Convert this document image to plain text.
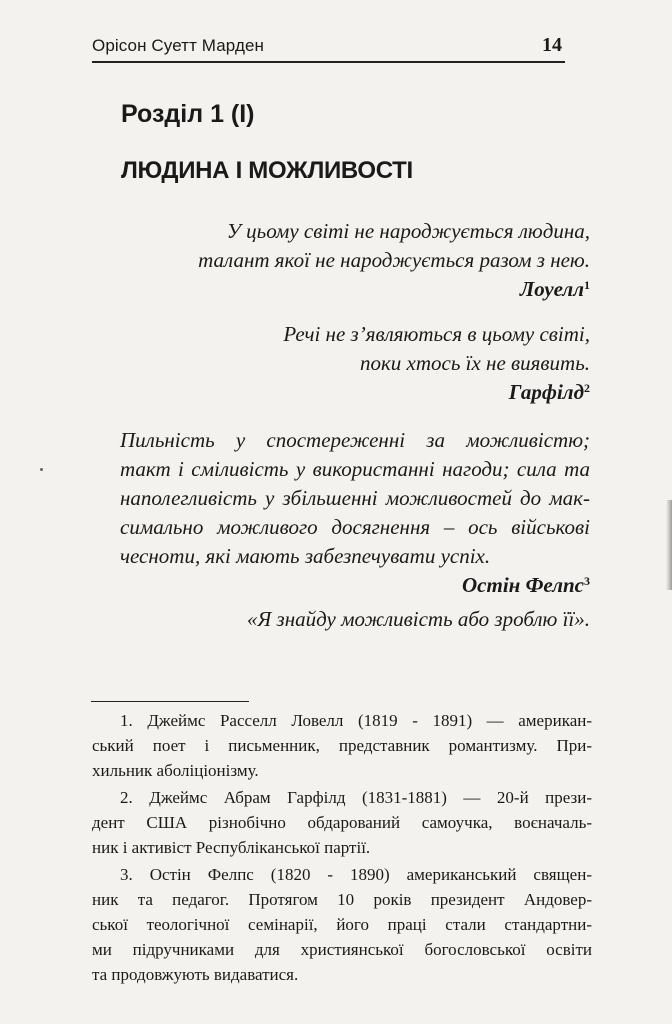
Орісон Суетт Марден	14
Розділ 1 (І)
ЛЮДИНА І МОЖЛИВОСТІ
У цьому світі не народжується людина,
талант якої не народжується разом з нею.
Лоуелл$^1$
Речі не з’являються в цьому світі,
поки хтось їх не виявить.
Гарфілд$^2$
Пильність у спостереженні за можливістю;
такт і сміливість у використанні нагоди; сила та
наполегливість у збільшенні можливостей до мак-
симально можливого досягнення – ось військові
чесноти, які мають забезпечувати успіх.
Остін Фелпс$^3$
«Я знайду можливість або зроблю її».
1. Джеймс Расселл Ловелл (1819 - 1891) — американ-
ський поет і письменник, представник романтизму. При-
хильник аболіціонізму.
2. Джеймс Абрам Гарфілд (1831-1881) — 20-й прези-
дент США різнобічно обдарований самоучка, воєначаль-
ник і активіст Республіканської партії.
3. Остін Фелпс (1820 - 1890) американський священ-
ник та педагог. Протягом 10 років президент Андовер-
ської теологічної семінарії, його праці стали стандартни-
ми підручниками для християнської богословської освіти
та продовжують видаватися.
